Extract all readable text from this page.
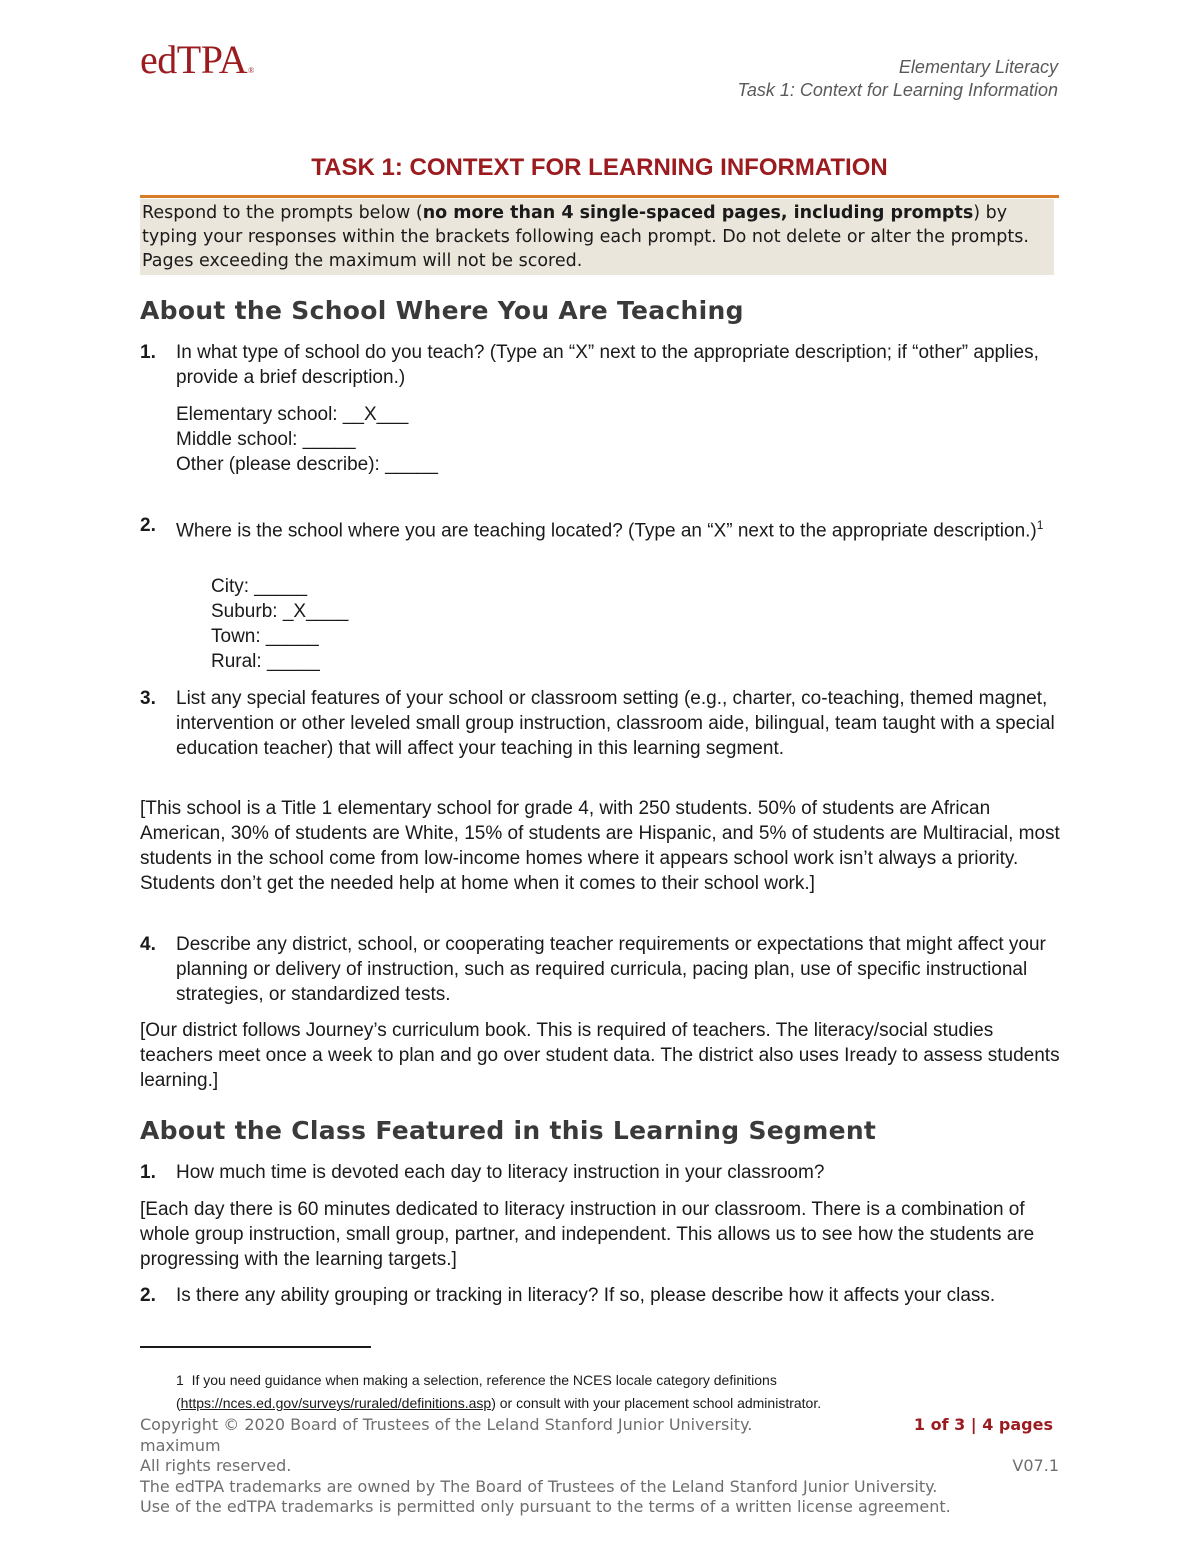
edTPA®	Elementary Literacy
Task 1: Context for Learning Information
TASK 1: CONTEXT FOR LEARNING INFORMATION
Respond to the prompts below (no more than 4 single-spaced pages, including prompts) by typing your responses within the brackets following each prompt. Do not delete or alter the prompts. Pages exceeding the maximum will not be scored.
About the School Where You Are Teaching
1. In what type of school do you teach? (Type an “X” next to the appropriate description; if “other” applies, provide a brief description.)
Elementary school: __X___
Middle school: _____
Other (please describe): _____
2. Where is the school where you are teaching located? (Type an “X” next to the appropriate description.)$^1$
City: _____
Suburb: _X____
Town: _____
Rural: _____
3. List any special features of your school or classroom setting (e.g., charter, co-teaching, themed magnet, intervention or other leveled small group instruction, classroom aide, bilingual, team taught with a special education teacher) that will affect your teaching in this learning segment.
[This school is a Title 1 elementary school for grade 4, with 250 students. 50% of students are African American, 30% of students are White, 15% of students are Hispanic, and 5% of students are Multiracial, most students in the school come from low-income homes where it appears school work isn’t always a priority. Students don’t get the needed help at home when it comes to their school work.]
4. Describe any district, school, or cooperating teacher requirements or expectations that might affect your planning or delivery of instruction, such as required curricula, pacing plan, use of specific instructional strategies, or standardized tests.
[Our district follows Journey’s curriculum book. This is required of teachers. The literacy/social studies teachers meet once a week to plan and go over student data. The district also uses Iready to assess students learning.]
About the Class Featured in this Learning Segment
1. How much time is devoted each day to literacy instruction in your classroom?
[Each day there is 60 minutes dedicated to literacy instruction in our classroom. There is a combination of whole group instruction, small group, partner, and independent. This allows us to see how the students are progressing with the learning targets.]
2. Is there any ability grouping or tracking in literacy? If so, please describe how it affects your class.
1 If you need guidance when making a selection, reference the NCES locale category definitions
(https://nces.ed.gov/surveys/ruraled/definitions.asp) or consult with your placement school administrator.
Copyright © 2020 Board of Trustees of the Leland Stanford Junior University.	1 of 3 | 4 pages
maximum
All rights reserved.	V07.1
The edTPA trademarks are owned by The Board of Trustees of the Leland Stanford Junior University.
Use of the edTPA trademarks is permitted only pursuant to the terms of a written license agreement.
